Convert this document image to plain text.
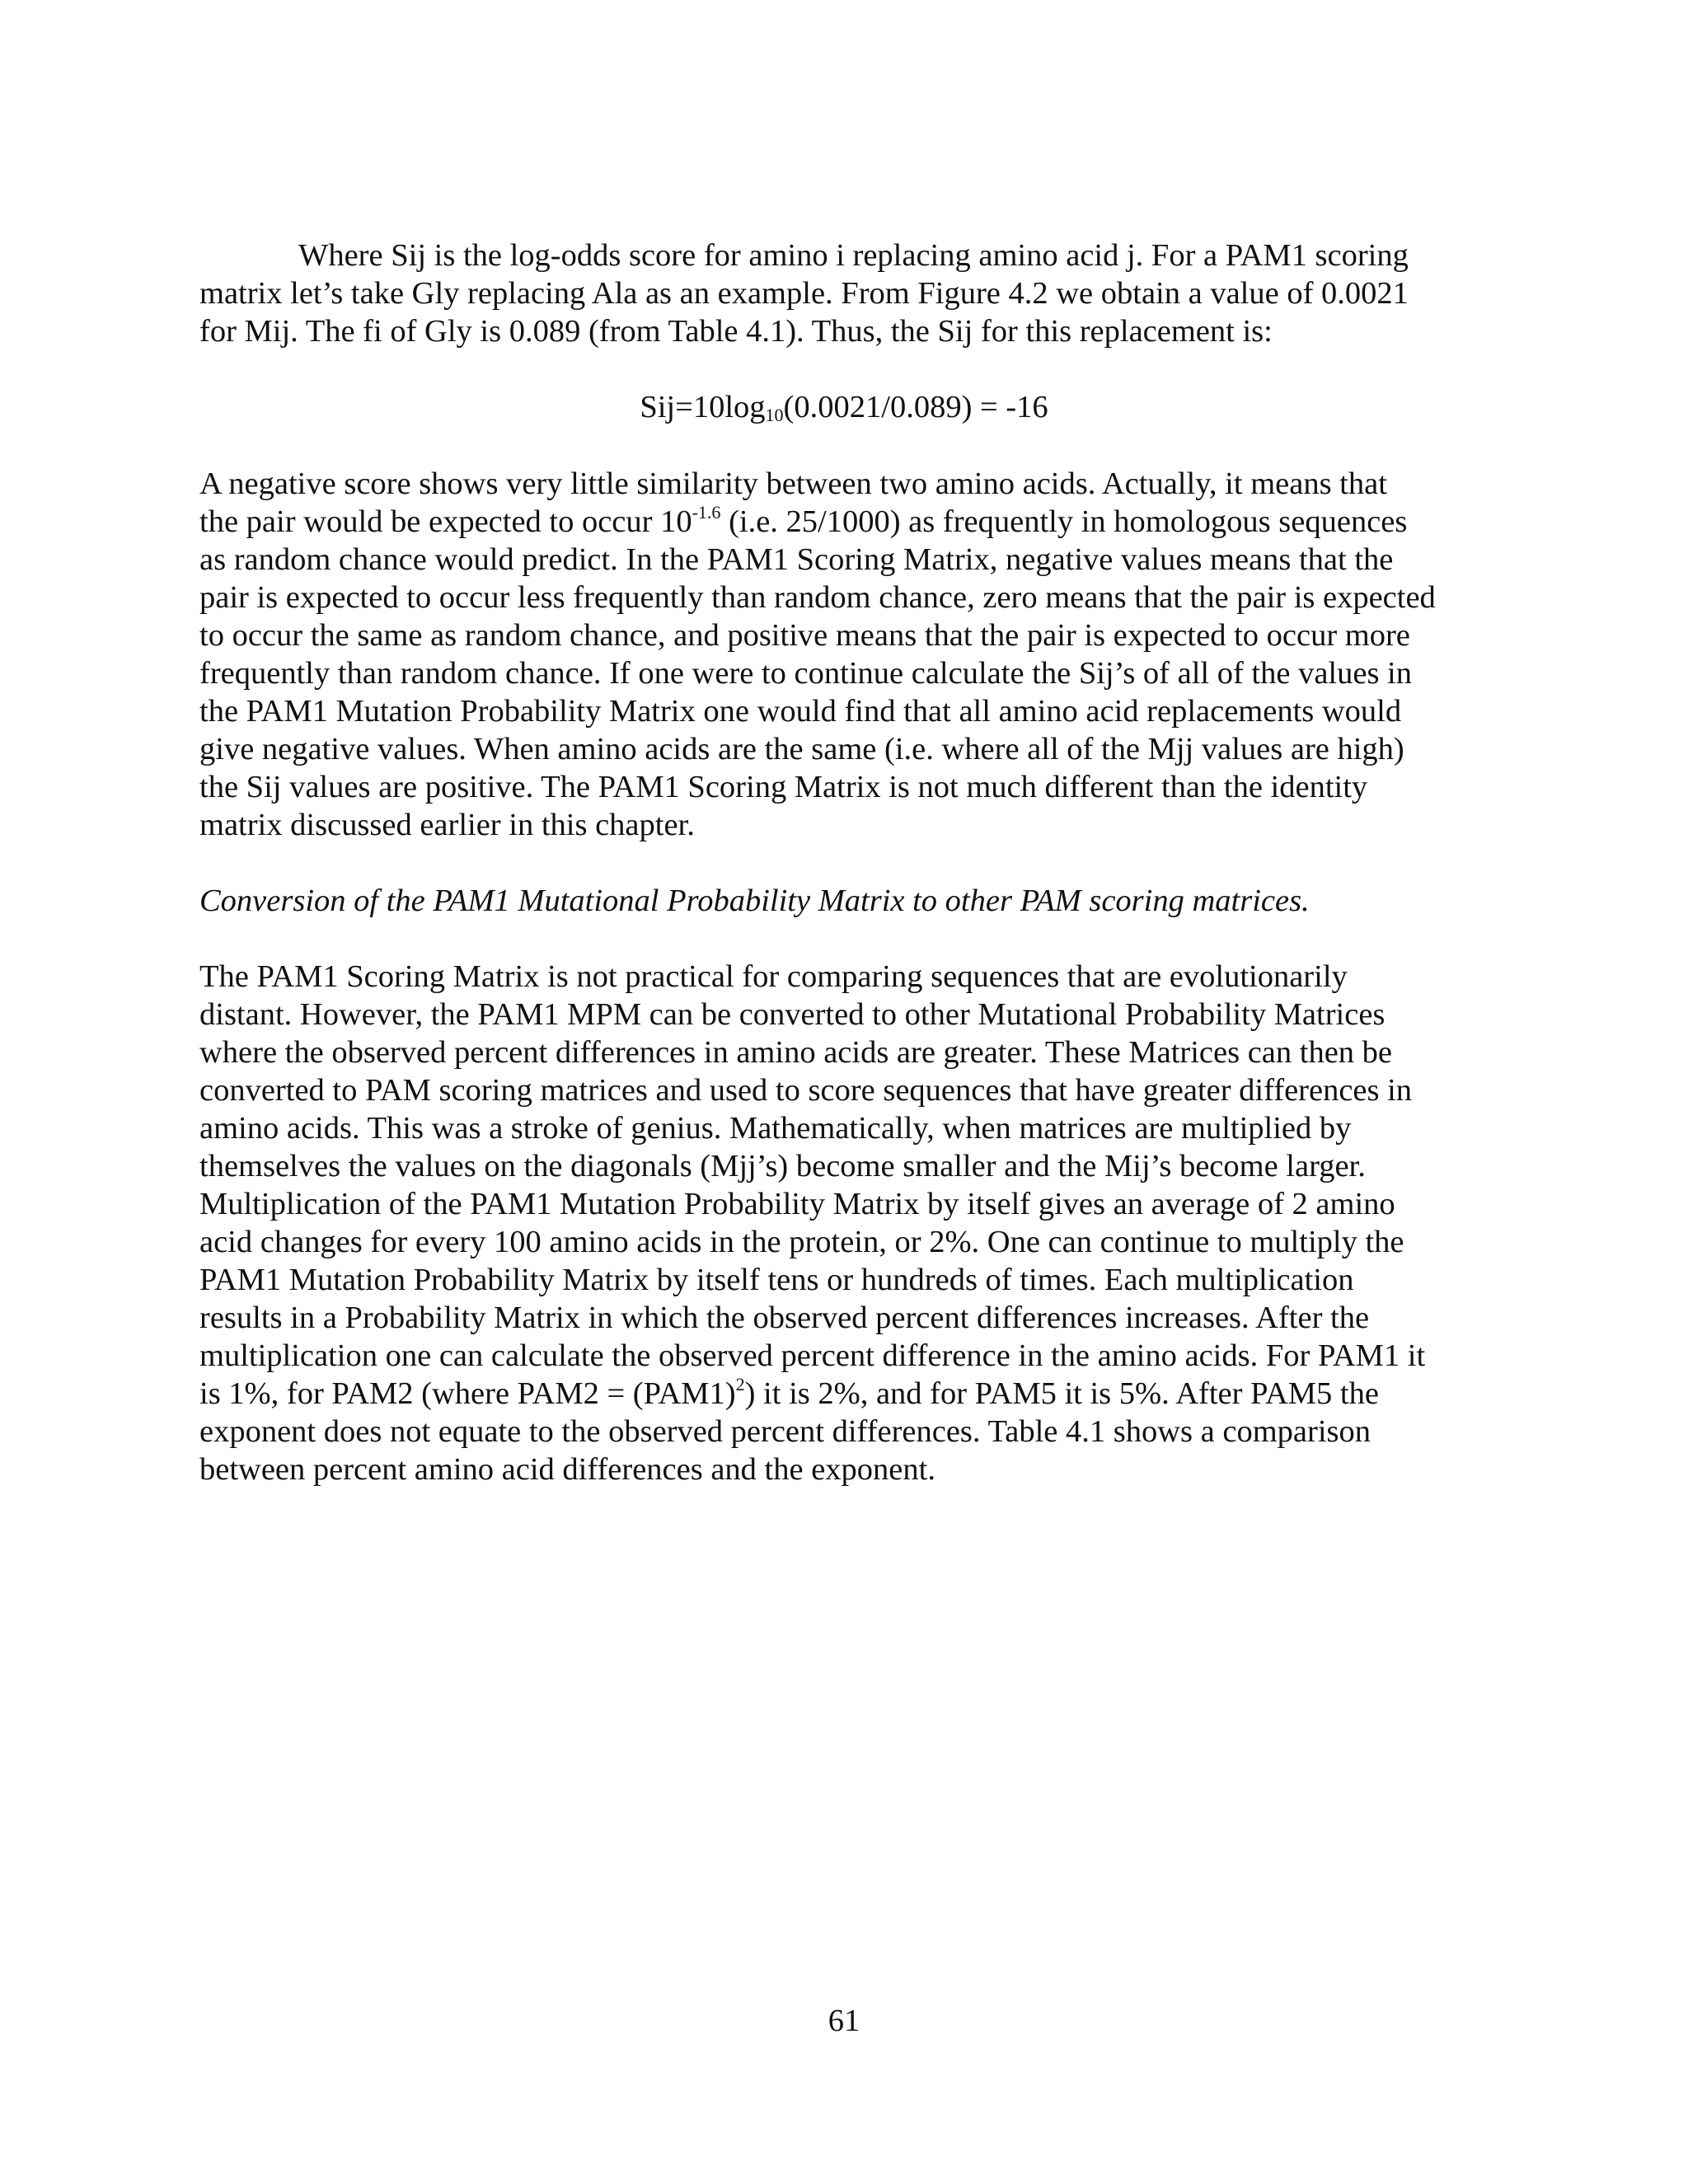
Where Sij is the log-odds score for amino i replacing amino acid j. For a PAM1 scoring
matrix let’s take Gly replacing Ala as an example. From Figure 4.2 we obtain a value of 0.0021
for Mij. The fi of Gly is 0.089 (from Table 4.1). Thus, the Sij for this replacement is:
$Sij=10\log_{10}(0.0021/0.089) = -16$
A negative score shows very little similarity between two amino acids. Actually, it means that
the pair would be expected to occur $10^{-1.6}$ (i.e. 25/1000) as frequently in homologous sequences
as random chance would predict. In the PAM1 Scoring Matrix, negative values means that the
pair is expected to occur less frequently than random chance, zero means that the pair is expected
to occur the same as random chance, and positive means that the pair is expected to occur more
frequently than random chance. If one were to continue calculate the Sij’s of all of the values in
the PAM1 Mutation Probability Matrix one would find that all amino acid replacements would
give negative values. When amino acids are the same (i.e. where all of the Mjj values are high)
the Sij values are positive. The PAM1 Scoring Matrix is not much different than the identity
matrix discussed earlier in this chapter.
Conversion of the PAM1 Mutational Probability Matrix to other PAM scoring matrices.
The PAM1 Scoring Matrix is not practical for comparing sequences that are evolutionarily
distant. However, the PAM1 MPM can be converted to other Mutational Probability Matrices
where the observed percent differences in amino acids are greater. These Matrices can then be
converted to PAM scoring matrices and used to score sequences that have greater differences in
amino acids. This was a stroke of genius. Mathematically, when matrices are multiplied by
themselves the values on the diagonals (Mjj’s) become smaller and the Mij’s become larger.
Multiplication of the PAM1 Mutation Probability Matrix by itself gives an average of 2 amino
acid changes for every 100 amino acids in the protein, or 2%. One can continue to multiply the
PAM1 Mutation Probability Matrix by itself tens or hundreds of times. Each multiplication
results in a Probability Matrix in which the observed percent differences increases. After the
multiplication one can calculate the observed percent difference in the amino acids. For PAM1 it
is 1%, for PAM2 (where $PAM2 = (PAM1)^2$) it is 2%, and for PAM5 it is 5%. After PAM5 the
exponent does not equate to the observed percent differences. Table 4.1 shows a comparison
between percent amino acid differences and the exponent.
61
